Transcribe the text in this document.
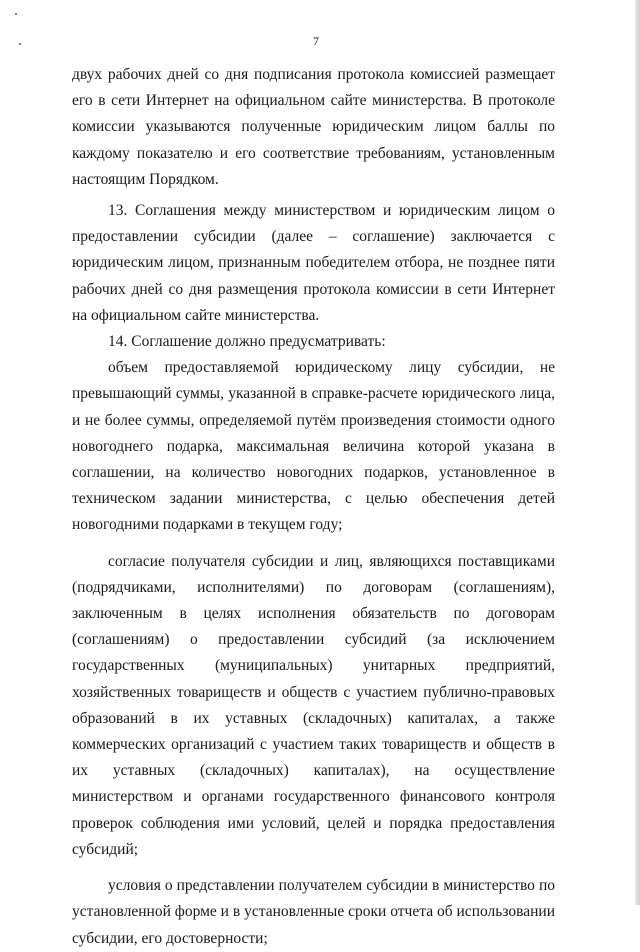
7

двух рабочих дней со дня подписания протокола комиссией размещает его в сети Интернет на официальном сайте министерства. В протоколе комиссии указываются полученные юридическим лицом баллы по каждому показателю и его соответствие требованиям, установленным настоящим Порядком.

13. Соглашения между министерством и юридическим лицом о предоставлении субсидии (далее – соглашение) заключается с юридическим лицом, признанным победителем отбора, не позднее пяти рабочих дней со дня размещения протокола комиссии в сети Интернет на официальном сайте министерства.

14. Соглашение должно предусматривать:

объем предоставляемой юридическому лицу субсидии, не превышающий суммы, указанной в справке-расчете юридического лица, и не более суммы, определяемой путём произведения стоимости одного новогоднего подарка, максимальная величина которой указана в соглашении, на количество новогодних подарков, установленное в техническом задании министерства, с целью обеспечения детей новогодними подарками в текущем году;

согласие получателя субсидии и лиц, являющихся поставщиками (подрядчиками, исполнителями) по договорам (соглашениям), заключенным в целях исполнения обязательств по договорам (соглашениям) о предоставлении субсидий (за исключением государственных (муниципальных) унитарных предприятий, хозяйственных товариществ и обществ с участием публично-правовых образований в их уставных (складочных) капиталах, а также коммерческих организаций с участием таких товариществ и обществ в их уставных (складочных) капиталах), на осуществление министерством и органами государственного финансового контроля проверок соблюдения ими условий, целей и порядка предоставления субсидий;

условия о представлении получателем субсидии в министерство по установленной форме и в установленные сроки отчета об использовании субсидии, его достоверности;
